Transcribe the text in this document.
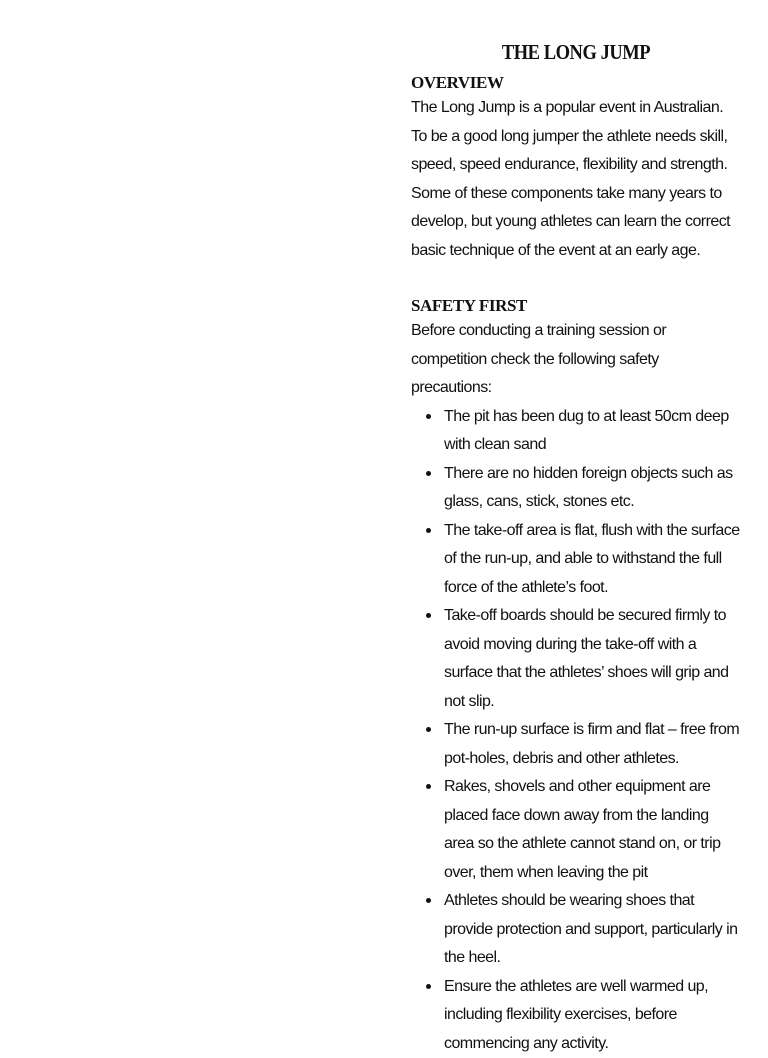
THE LONG JUMP
OVERVIEW

The Long Jump is a popular event in Australian. To be a good long jumper the athlete needs skill, speed, speed endurance, flexibility and strength. Some of these components take many years to develop, but young athletes can learn the correct basic technique of the event at an early age.

SAFETY FIRST

Before conducting a training session or competition check the following safety precautions:

The pit has been dug to at least 50cm deep with clean sand
There are no hidden foreign objects such as glass, cans, stick, stones etc.
The take-off area is flat, flush with the surface of the run-up, and able to withstand the full force of the athlete’s foot.
Take-off boards should be secured firmly to avoid moving during the take-off with a surface that the athletes’ shoes will grip and not slip.
The run-up surface is firm and flat – free from pot-holes, debris and other athletes.
Rakes, shovels and other equipment are placed face down away from the landing area so the athlete cannot stand on, or trip over, them when leaving the pit
Athletes should be wearing shoes that provide protection and support, particularly in the heel.
Ensure the athletes are well warmed up, including flexibility exercises, before commencing any activity.
